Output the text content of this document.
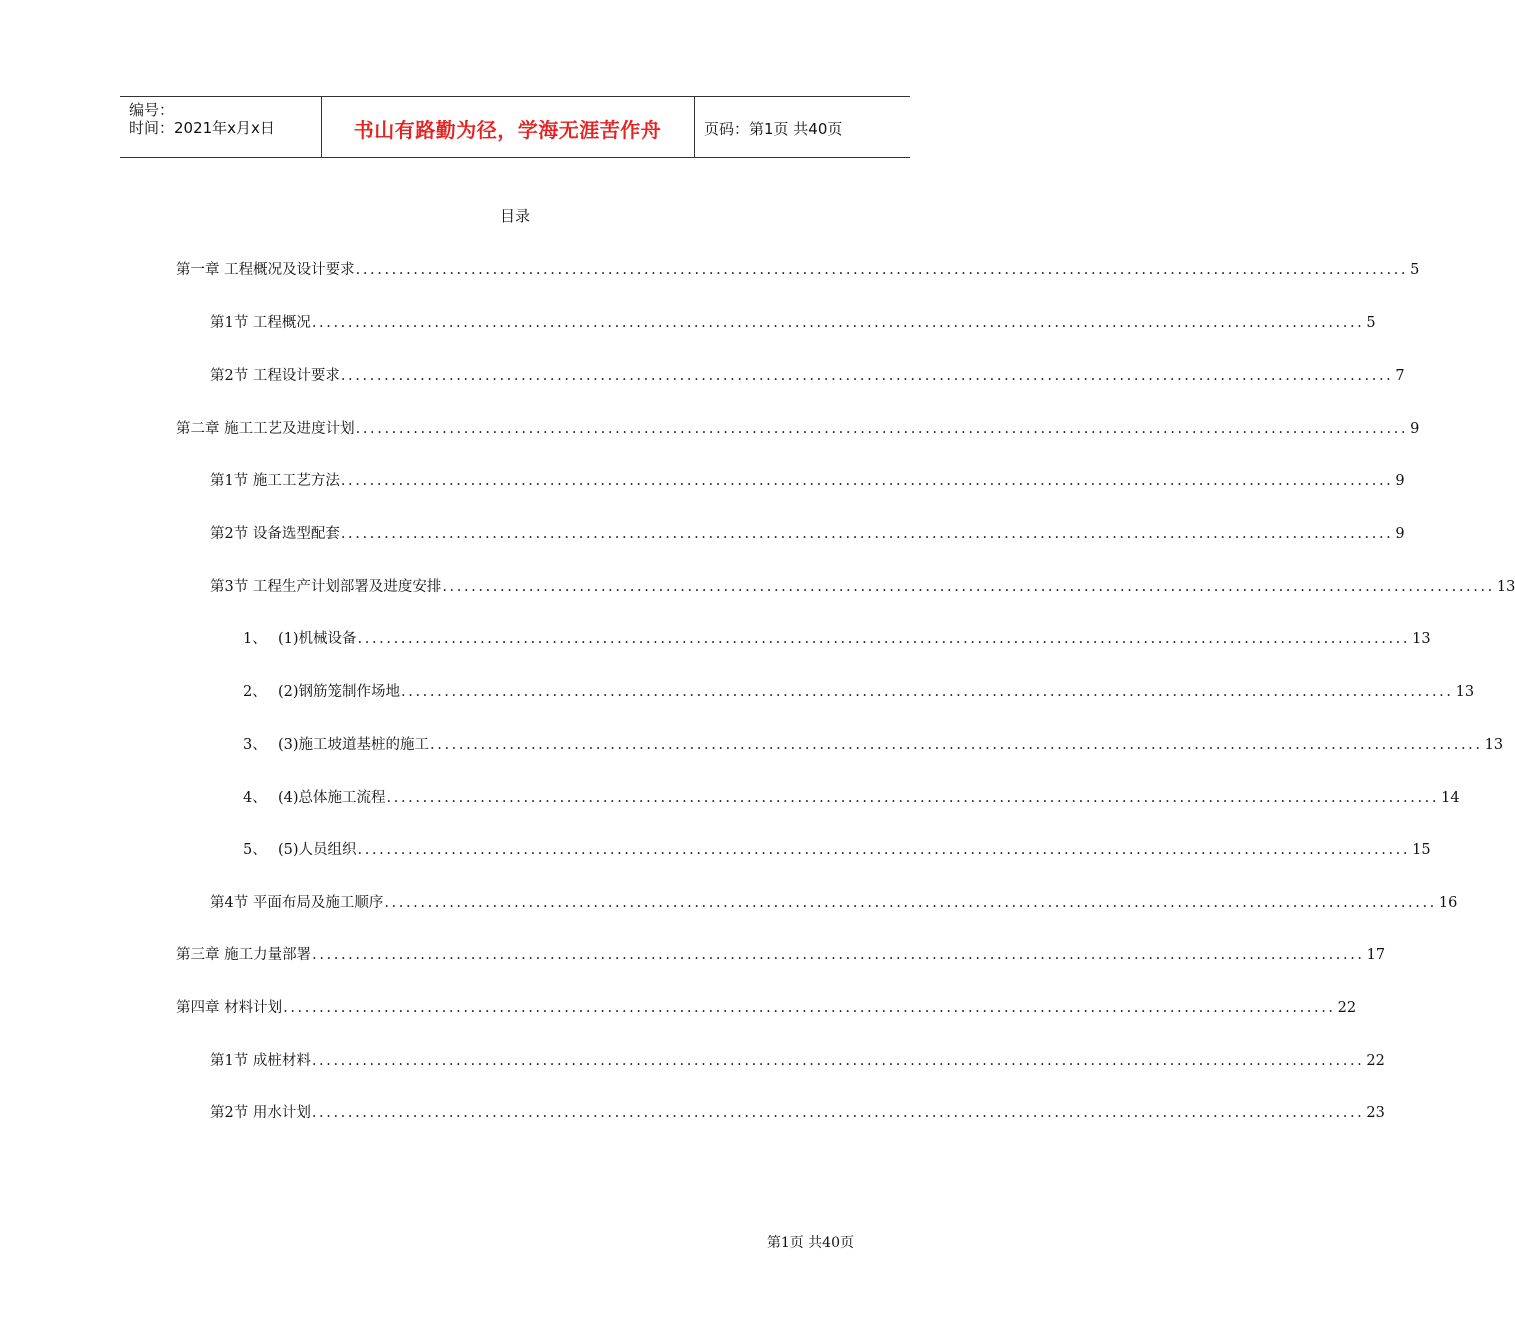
编号：
时间：2021年x月x日	书山有路勤为径，学海无涯苦作舟	页码：第1页 共40页
目录
第一章 工程概况及设计要求 .................................................................................................................................................. 5
第1节 工程概况 .................................................................................................................................................. 5
第2节 工程设计要求 .................................................................................................................................................. 7
第二章 施工工艺及进度计划 .................................................................................................................................................. 9
第1节 施工工艺方法 .................................................................................................................................................. 9
第2节 设备选型配套 .................................................................................................................................................. 9
第3节 工程生产计划部署及进度安排 .................................................................................................................................................. 13
1、 (1)机械设备 .................................................................................................................................................. 13
2、 (2)钢筋笼制作场地 .................................................................................................................................................. 13
3、 (3)施工坡道基桩的施工 .................................................................................................................................................. 13
4、 (4)总体施工流程 .................................................................................................................................................. 14
5、 (5)人员组织 .................................................................................................................................................. 15
第4节 平面布局及施工顺序 .................................................................................................................................................. 16
第三章 施工力量部署 .................................................................................................................................................. 17
第四章 材料计划 .................................................................................................................................................. 22
第1节 成桩材料 .................................................................................................................................................. 22
第2节 用水计划 .................................................................................................................................................. 23
第1页 共40页
